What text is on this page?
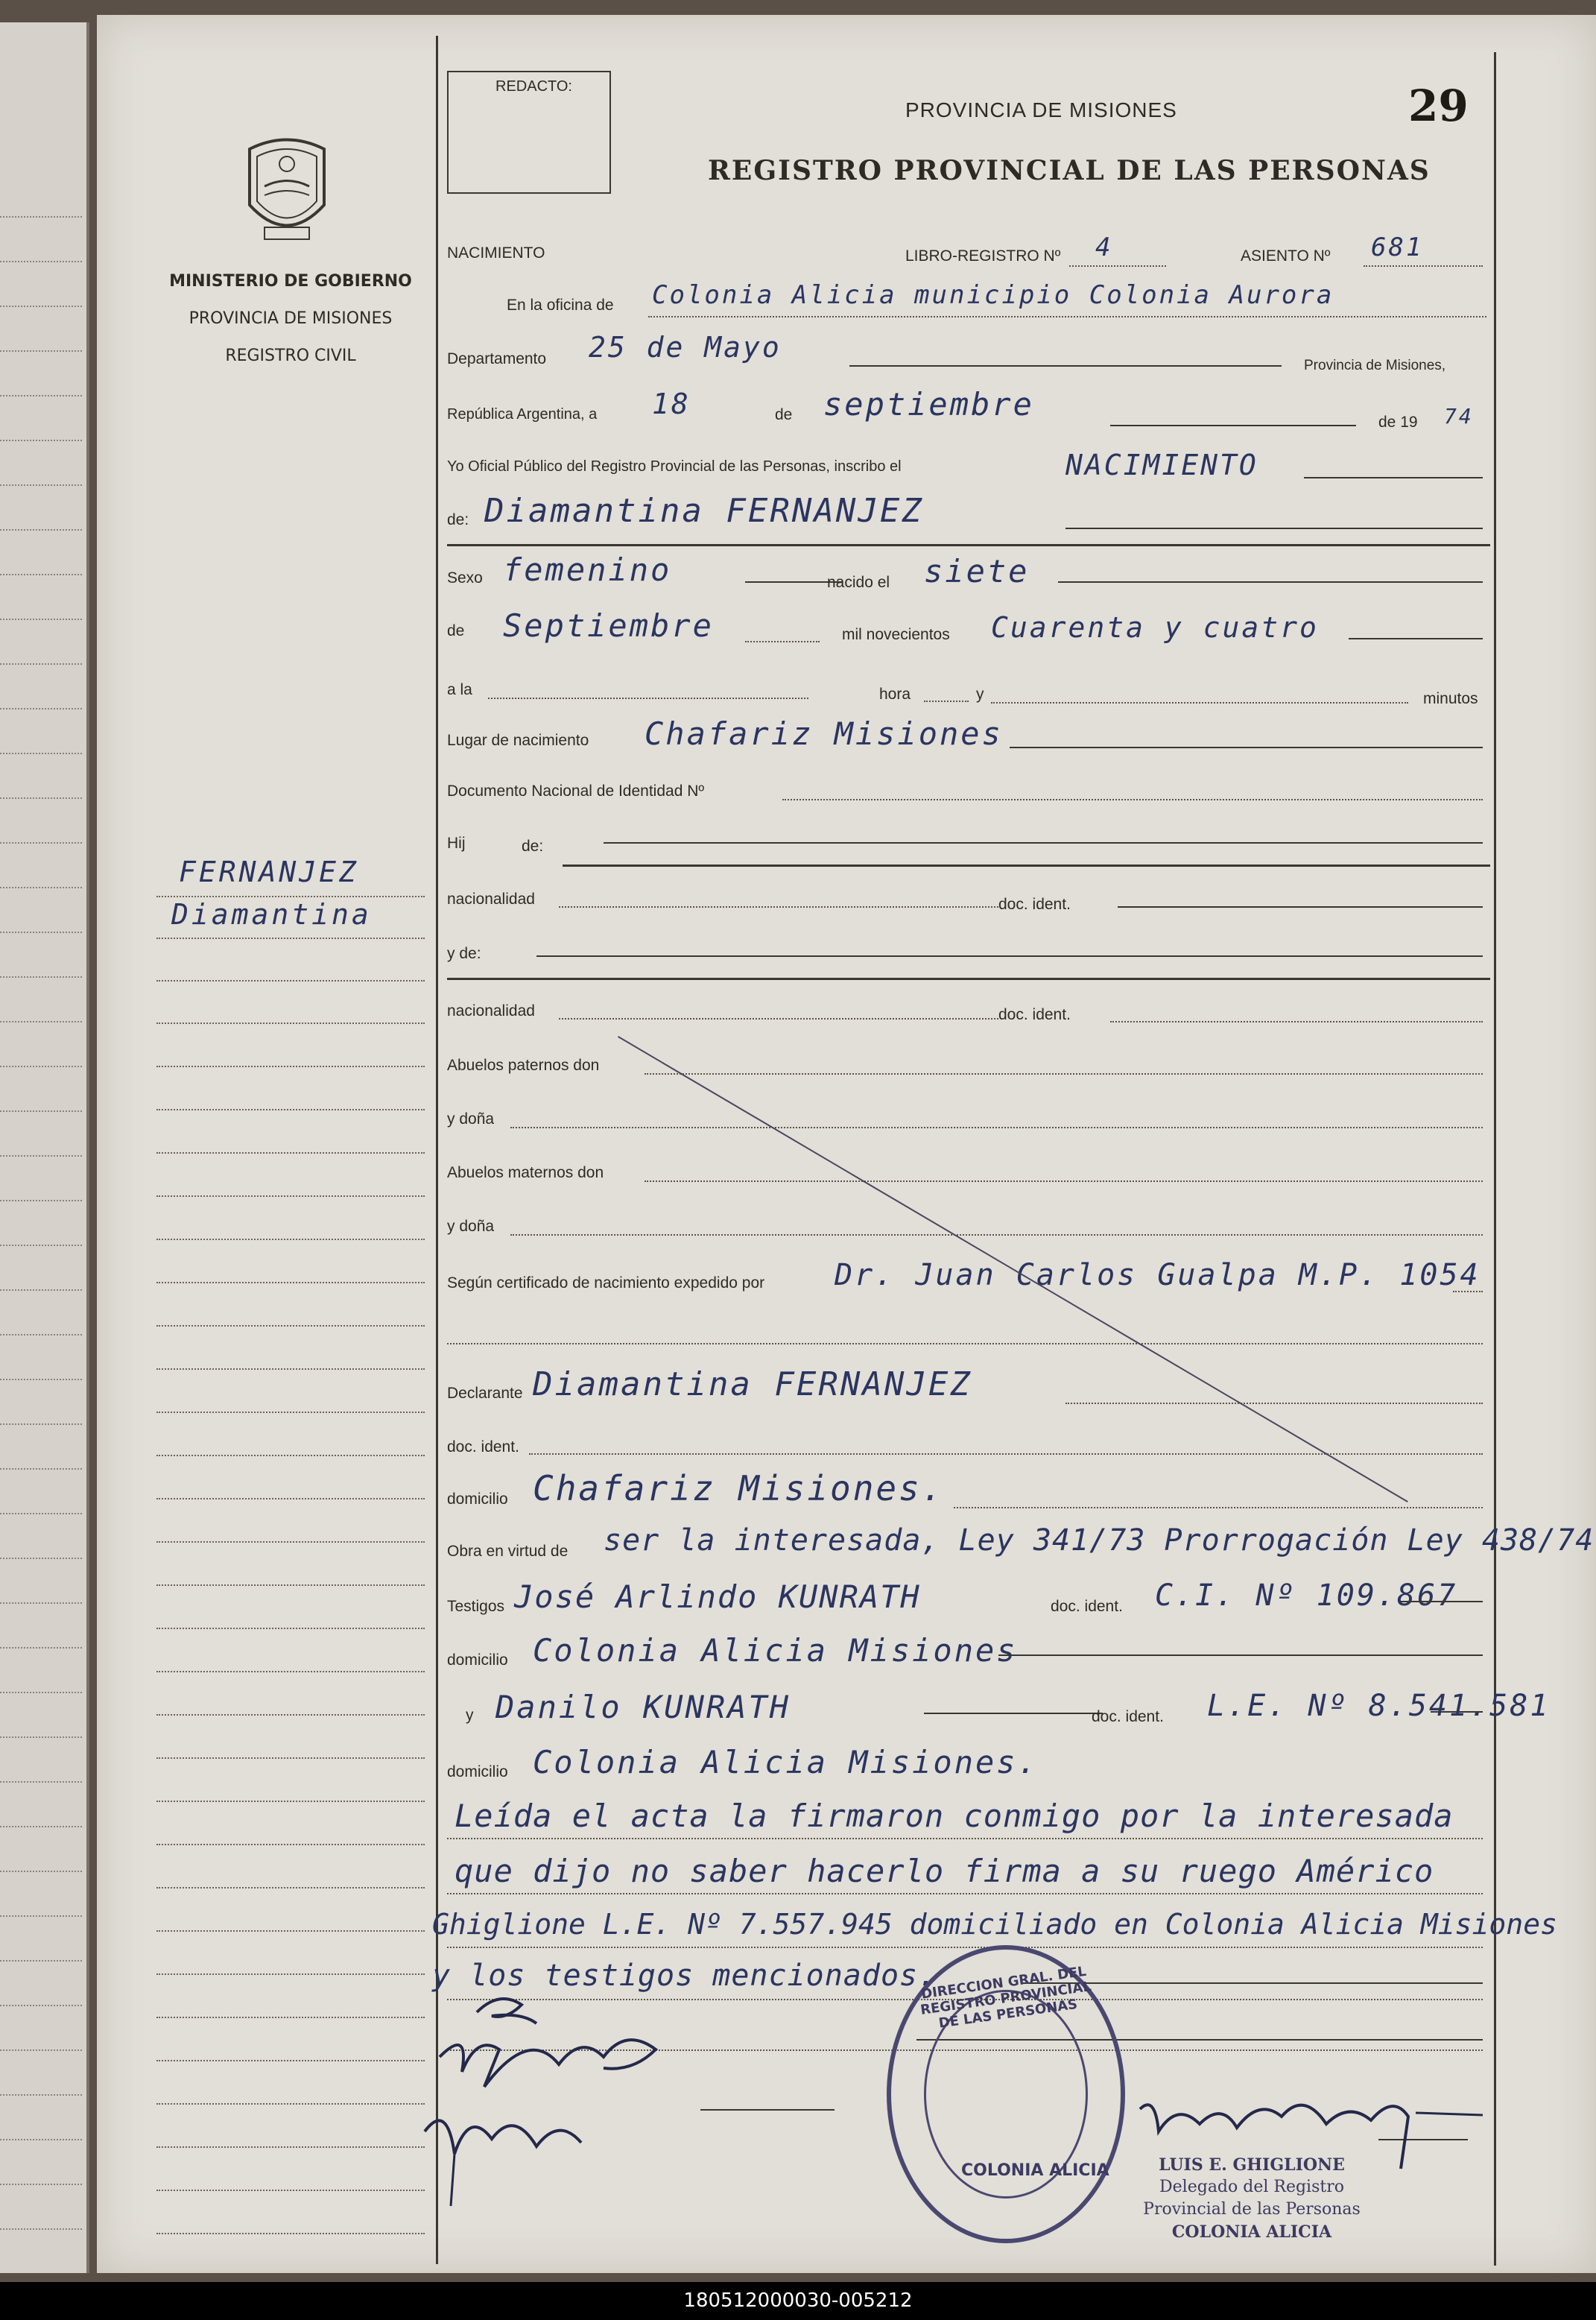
MINISTERIO DE GOBIERNO
PROVINCIA DE MISIONES
REGISTRO CIVIL
FERNANJEZ
Diamantina
REDACTO:
PROVINCIA DE MISIONES
REGISTRO PROVINCIAL DE LAS PERSONAS
29
NACIMIENTO	LIBRO-REGISTRO Nº 4	ASIENTO Nº 681
En la oficina de Colonia Alicia municipio Colonia Aurora
Departamento 25 de Mayo
Provincia de Misiones,
República Argentina, a 18	de septiembre	de 19 74
Yo Oficial Público del Registro Provincial de las Personas, inscribo el	NACIMIENTO
de: Diamantina FERNANJEZ
Sexo femenino	nacido el siete
de Septiembre	mil novecientos Cuarenta y cuatro
a la	hora	y	minutos
Lugar de nacimiento Chafariz Misiones
Documento Nacional de Identidad Nº
Hij	de:
nacionalidad	doc. ident.
y de:
nacionalidad	doc. ident.
Abuelos paternos don
y doña
Abuelos maternos don
y doña
Según certificado de nacimiento expedido por Dr. Juan Carlos Gualpa M.P. 1054
Declarante Diamantina FERNANJEZ
doc. ident.
domicilio Chafariz Misiones.
Obra en virtud de ser la interesada, Ley 341/73 Prorrogación Ley 438/74
Testigos José Arlindo KUNRATH	doc. ident. C.I. Nº 109.867
domicilio Colonia Alicia Misiones
y Danilo KUNRATH	doc. ident. L.E. Nº 8.541.581
domicilio Colonia Alicia Misiones.
Leída el acta la firmaron conmigo por la interesada
que dijo no saber hacerlo firma a su ruego Américo
Ghiglione L.E. Nº 7.557.945 domiciliado en Colonia Alicia Misiones
y los testigos mencionados.
DIRECCION GRAL. DEL REGISTRO PROVINCIAL DE LAS PERSONAS
COLONIA ALICIA	LUIS E. GHIGLIONE
Delegado del Registro
Provincial de las Personas
COLONIA ALICIA
180512000030-005212
